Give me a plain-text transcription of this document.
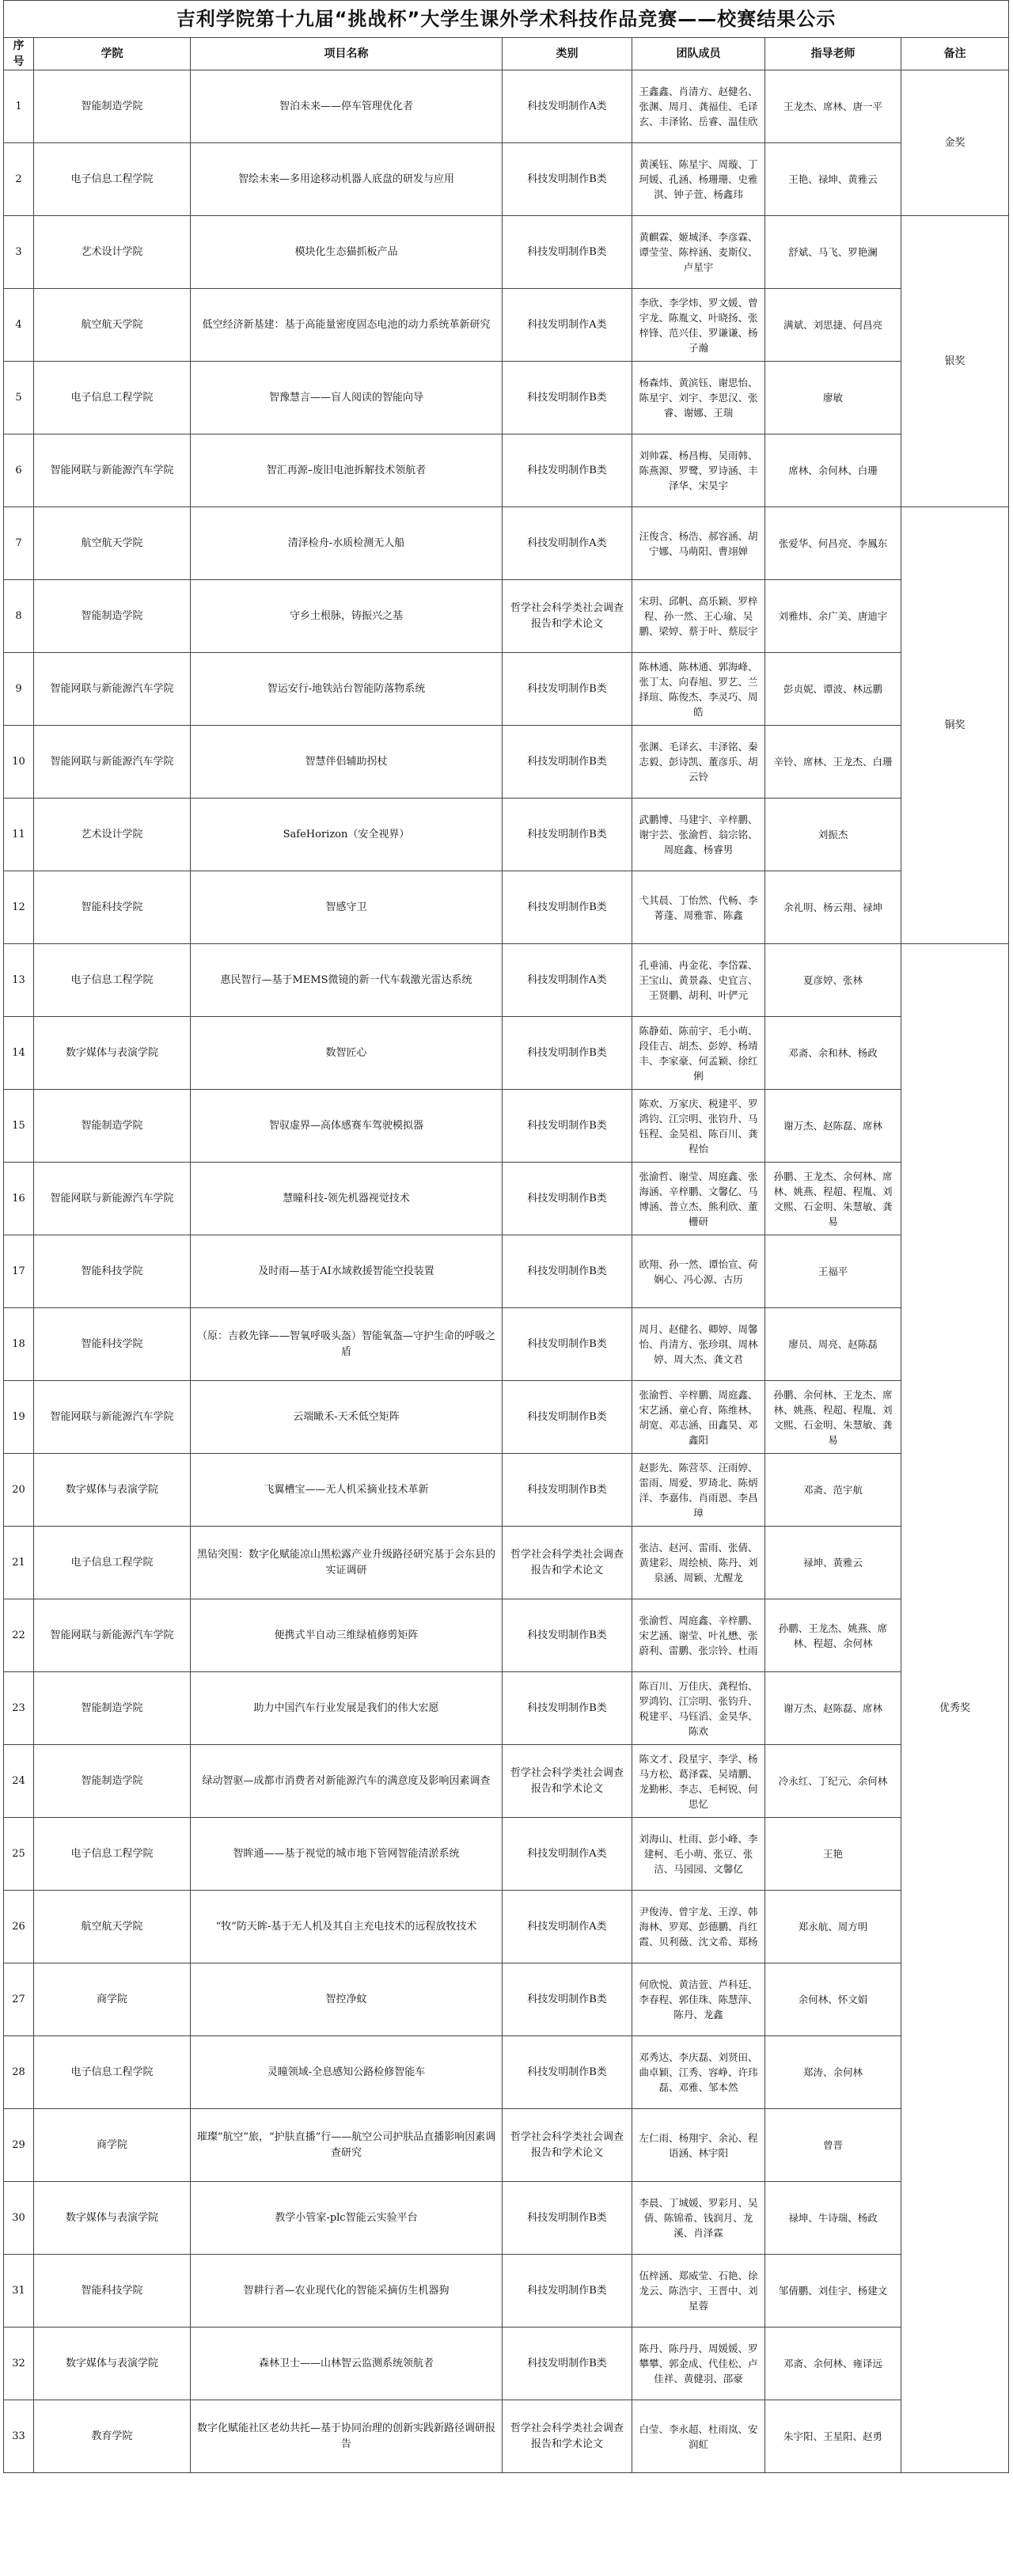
吉利学院第十九届“挑战杯”大学生课外学术科技作品竞赛——校赛结果公示
序号	学院	项目名称	类别	团队成员	指导老师	备注
1	智能制造学院	智泊未来——停车管理优化者	科技发明制作A类	王鑫鑫、肖清方、赵健名、张渊、周月、龚福佳、毛译玄、丰泽铭、岳睿、温佳欣	王龙杰、席林、唐一平	金奖
2	电子信息工程学院	智绘未来—多用途移动机器人底盘的研发与应用	科技发明制作B类	黄溪钰、陈星宇、周璇、丁珂媛、孔涵、杨珊珊、史雅淇、钟子萱、杨鑫玮	王艳、禄坤、黄雅云	
3	艺术设计学院	模块化生态猫抓板产品	科技发明制作B类	黄麒霖、姬城泽、李彦霖、谭莹莹、陈梓涵、麦斯仪、卢星宇	舒斌、马飞、罗艳澜	银奖
4	航空航天学院	低空经济新基建：基于高能量密度固态电池的动力系统革新研究	科技发明制作A类	李欣、李学炜、罗文媛、曾宇龙、陈胤文、叶晓扬、张梓锋、范兴佳、罗谦谦、杨子瀚	满斌、刘思捷、何昌亮	
5	电子信息工程学院	智豫慧言——盲人阅读的智能向导	科技发明制作B类	杨森炜、黄滨钰、谢思怡、陈星宇、刘宇、李思汉、张睿、谢娜、王瑞	廖敏	
6	智能网联与新能源汽车学院	智汇再源–废旧电池拆解技术领航者	科技发明制作B类	刘帅霖、杨昌梅、吴雨韩、陈燕源、罗鹭、罗诗涵、丰泽华、宋昊宇	席林、余何林、白珊	
7	航空航天学院	清泽检舟-水质检测无人船	科技发明制作A类	汪俊含、杨浩、郝容涵、胡宁娜、马萌阳、曹翊婵	张爱华、何昌亮、李鳳东	铜奖
8	智能制造学院	守乡土根脉，铸振兴之基	哲学社会科学类社会调查报告和学术论文	宋玥、邱帆、高乐颖、罗梓程、孙一然、王心瑜、吴鹏、梁婷、蔡于叶、蔡辰宇	刘雅炜、余广美、唐迪宇	
9	智能网联与新能源汽车学院	智运安行-地铁站台智能防落物系统	科技发明制作B类	陈林通、陈林通、郭海峰、张丁太、向春旭、罗艺、兰择瑄、陈俊杰、李灵巧、周皓	彭贞妮、谭波、林远鹏	
10	智能网联与新能源汽车学院	智慧伴侣辅助拐杖	科技发明制作B类	张渊、毛译玄、丰泽铭、秦志毅、彭诗凯、董彦乐、胡云铃	辛铃、席林、王龙杰、白珊	
11	艺术设计学院	SafeHorizon（安全视界）	科技发明制作B类	武鹏博、马建宇、辛梓鹏、谢宇芸、张渝哲、翁宗铭、周庭鑫、杨睿男	刘振杰	
12	智能科技学院	智感守卫	科技发明制作B类	弋其晨、丁怡然、代畅、李菁蓬、周雅霏、陈鑫	余礼明、杨云翔、禄坤	
13	电子信息工程学院	惠民智行—基于MEMS微镜的新一代车载激光雷达系统	科技发明制作A类	孔垂浦、冉金花、李岱霖、王宝山、黄景淼、史宜言、王贤鹏、胡利、叶俨元	夏彦婷、张林	优秀奖
14	数字媒体与表演学院	数智匠心	科技发明制作B类	陈静茹、陈前宇、毛小萌、段佳吉、胡杰、彭婷、杨靖丰、李家豪、何孟颖、徐红俐	邓斋、余和林、杨政	
15	智能制造学院	智驭虚界—高体感赛车驾驶模拟器	科技发明制作B类	陈欢、万家庆、税建平、罗鸿钧、江宗明、张钧升、马钰程、金昊祖、陈百川、龚程怡	谢万杰、赵陈磊、席林	
16	智能网联与新能源汽车学院	慧瞳科技-领先机器视觉技术	科技发明制作B类	张渝哲、谢莹、周庭鑫、张海涵、辛梓鹏、文馨亿、马博涵、普立杰、熊利欣、董栅研	孙鹏、王龙杰、余何林、席林、姚燕、程超、程胤、刘文熙、石金明、朱慧敏、龚易	
17	智能科技学院	及时雨—基于AI水域救援智能空投装置	科技发明制作B类	欧翔、孙一然、谭怡宣、荷娴心、冯心源、古历	王福平	
18	智能科技学院	（原：吉救先锋——智氧呼吸头盔）智能氧盔—守护生命的呼吸之盾	科技发明制作B类	周月、赵健名、卿婷、周馨怡、肖清方、张珍琪、周林婷、周大杰、龚文君	廖员、周亮、赵陈磊	
19	智能网联与新能源汽车学院	云端瞰禾-天禾低空矩阵	科技发明制作B类	张渝哲、辛梓鹏、周庭鑫、宋艺涵、童心育、陈维林、胡宽、邓志涵、田鑫昊、邓鑫阳	孙鹏、余何林、王龙杰、席林、姚燕、程超、程胤、刘文熙、石金明、朱慧敏、龚易	
20	数字媒体与表演学院	飞翼槽宝——无人机采摘业技术革新	科技发明制作B类	赵影先、陈营萃、汪雨婷、雷雨、周爱、罗琦北、陈炳洋、李嘉伟、肖雨恩、李昌璋	邓斋、范宇航	
21	电子信息工程学院	黑钻突围：数字化赋能凉山黑松露产业升级路径研究基于会东县的实证调研	哲学社会科学类社会调查报告和学术论文	张洁、赵河、雷雨、张倩、黄建彩、周绘桢、陈丹、刘泉涵、周颖、尤醒龙	禄坤、黄雅云	
22	智能网联与新能源汽车学院	便携式半自动三维绿植修剪矩阵	科技发明制作B类	张渝哲、周庭鑫、辛梓鹏、宋艺涵、谢莹、叶礼懋、张蔚利、雷鹏、张宗铃、杜雨	孙鹏、王龙杰、姚燕、席林、程超、余何林	
23	智能制造学院	助力中国汽车行业发展是我们的伟大宏愿	科技发明制作B类	陈百川、万佳庆、龚程怡、罗鸿钧、江宗明、张钧升、税建平、马钰滔、金昊华、陈欢	谢万杰、赵陈磊、席林	
24	智能制造学院	绿动智驱—成都市消费者对新能源汽车的满意度及影响因素调查	哲学社会科学类社会调查报告和学术论文	陈文才、段星宇、李学、杨马方松、葛泽霖、吴靖鹏、龙勤彬、李志、毛柯锐、何思忆	冷永红、丁纪元、余何林	
25	电子信息工程学院	智眸通——基于视觉的城市地下管网智能清淤系统	科技发明制作A类	刘海山、杜雨、彭小峰、李建柯、毛小萌、张豆、张洁、马园园、文馨亿	王艳	
26	航空航天学院	“牧”防天眸-基于无人机及其自主充电技术的远程放牧技术	科技发明制作A类	尹俊涛、曾宇龙、王淳、韩海林、罗郑、彭德鹏、肖红霞、贝利薇、沈文希、郑杨	郑永航、周方明	
27	商学院	智控净蚊	科技发明制作B类	何欣悦、黄洁萱、芦科廷、李春程、郭佳珠、陈慧萍、陈丹、龙鑫	余何林、怀文娟	
28	电子信息工程学院	灵瞳领域-全息感知公路检修智能车	科技发明制作B类	邓秀达、李庆磊、刘贤田、曲卓颖、江秀、容峥、许玮磊、邓雅、邹本然	郑涛、余何林	
29	商学院	璀璨“航空”旅，“护肤直播”行——航空公司护肤品直播影响因素调查研究	哲学社会科学类社会调查报告和学术论文	左仁雨、杨翔宇、余沁、程语涵、林宇阳	曾晋	
30	数字媒体与表演学院	教学小管家-plc智能云实验平台	科技发明制作B类	李晨、丁城媛、罗彩月、吴倩、陈锦希、钱润月、龙溪、肖泽霖	禄坤、牛诗瑞、杨政	
31	智能科技学院	智耕行者—农业现代化的智能采摘仿生机器狗	科技发明制作B类	伍梓涵、郑威莹、石艳、徐龙云、陈浩宇、王晋中、刘星蓉	邹倩鹏、刘佳宇、杨建文	
32	数字媒体与表演学院	森林卫士——山林智云监测系统领航者	科技发明制作B类	陈丹、陈丹丹、周媛媛、罗攀攀、郭金成、代佳松、卢佳祥、黄健羽、邵豪	邓斋、余何林、雍译远	
33	教育学院	数字化赋能社区老幼共托—基于协同治理的创新实践新路径调研报告	哲学社会科学类社会调查报告和学术论文	白莹、李永超、杜雨岚、安润虹	朱宇阳、王星阳、赵勇	
